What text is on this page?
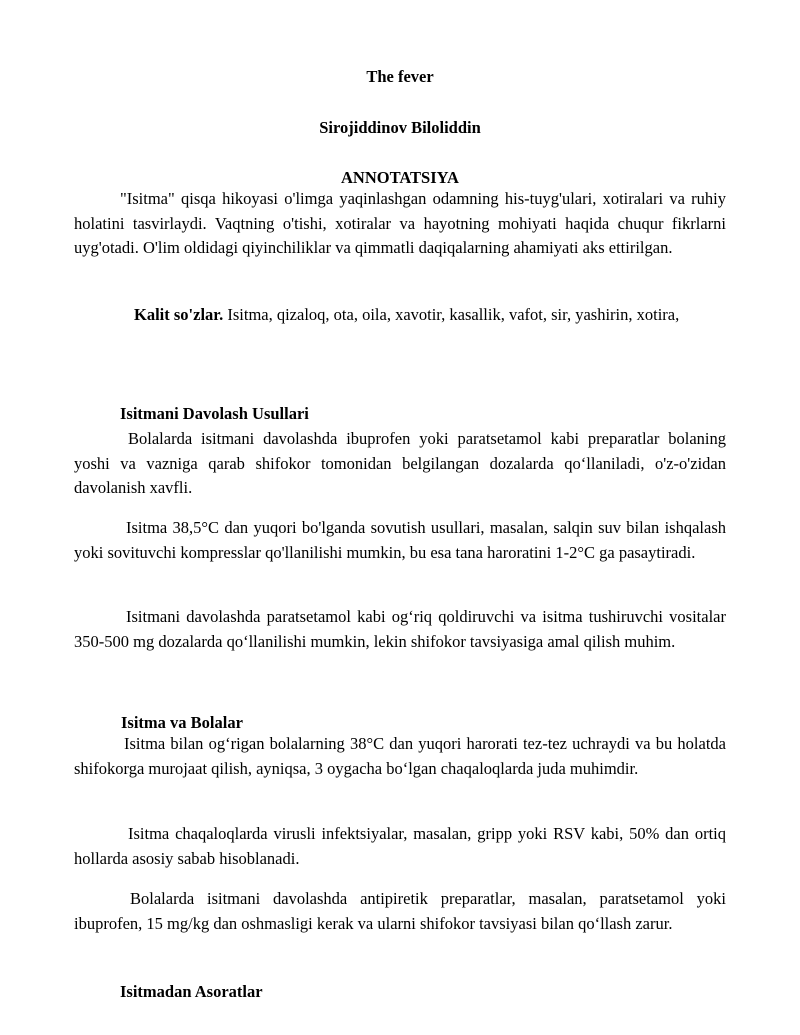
The fever
Sirojiddinov Biloliddin
ANNOTATSIYA

"Isitma" qisqa hikoyasi o'limga yaqinlashgan odamning his-tuyg'ulari, xotiralari va ruhiy holatini tasvirlaydi. Vaqtning o'tishi, xotiralar va hayotning mohiyati haqida chuqur fikrlarni uyg'otadi. O'lim oldidagi qiyinchiliklar va qimmatli daqiqalarning ahamiyati aks ettirilgan.

Kalit so'zlar. Isitma, qizaloq, ota, oila, xavotir, kasallik, vafot, sir, yashirin, xotira,

Isitmani Davolash Usullari

Bolalarda isitmani davolashda ibuprofen yoki paratsetamol kabi preparatlar bolaning yoshi va vazniga qarab shifokor tomonidan belgilangan dozalarda qo‘llaniladi, o'z-o'zidan davolanish xavfli.

Isitma 38,5°C dan yuqori bo'lganda sovutish usullari, masalan, salqin suv bilan ishqalash yoki sovituvchi kompresslar qo'llanilishi mumkin, bu esa tana haroratini 1-2°C ga pasaytiradi.

Isitmani davolashda paratsetamol kabi og‘riq qoldiruvchi va isitma tushiruvchi vositalar 350-500 mg dozalarda qo‘llanilishi mumkin, lekin shifokor tavsiyasiga amal qilish muhim.

Isitma va Bolalar

Isitma bilan og‘rigan bolalarning 38°C dan yuqori harorati tez-tez uchraydi va bu holatda shifokorga murojaat qilish, ayniqsa, 3 oygacha bo‘lgan chaqaloqlarda juda muhimdir.

Isitma chaqaloqlarda virusli infektsiyalar, masalan, gripp yoki RSV kabi, 50% dan ortiq hollarda asosiy sabab hisoblanadi.

Bolalarda isitmani davolashda antipiretik preparatlar, masalan, paratsetamol yoki ibuprofen, 15 mg/kg dan oshmasligi kerak va ularni shifokor tavsiyasi bilan qo‘llash zarur.

Isitmadan Asoratlar
